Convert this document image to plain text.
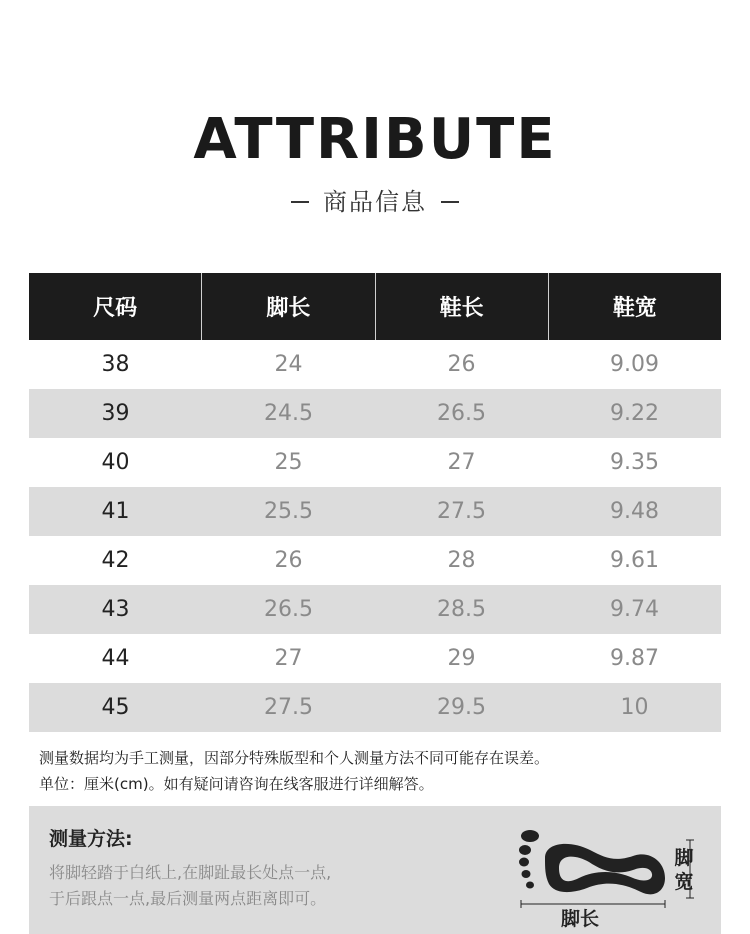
ATTRIBUTE
商品信息
尺码	脚长	鞋长	鞋宽
38	24	26	9.09
39	24.5	26.5	9.22
40	25	27	9.35
41	25.5	27.5	9.48
42	26	28	9.61
43	26.5	28.5	9.74
44	27	29	9.87
45	27.5	29.5	10
测量数据均为手工测量，因部分特殊版型和个人测量方法不同可能存在误差。
单位：厘米(cm)。如有疑问请咨询在线客服进行详细解答。
测量方法:
将脚轻踏于白纸上,在脚趾最长处点一点,
于后跟点一点,最后测量两点距离即可。
脚宽
脚长
